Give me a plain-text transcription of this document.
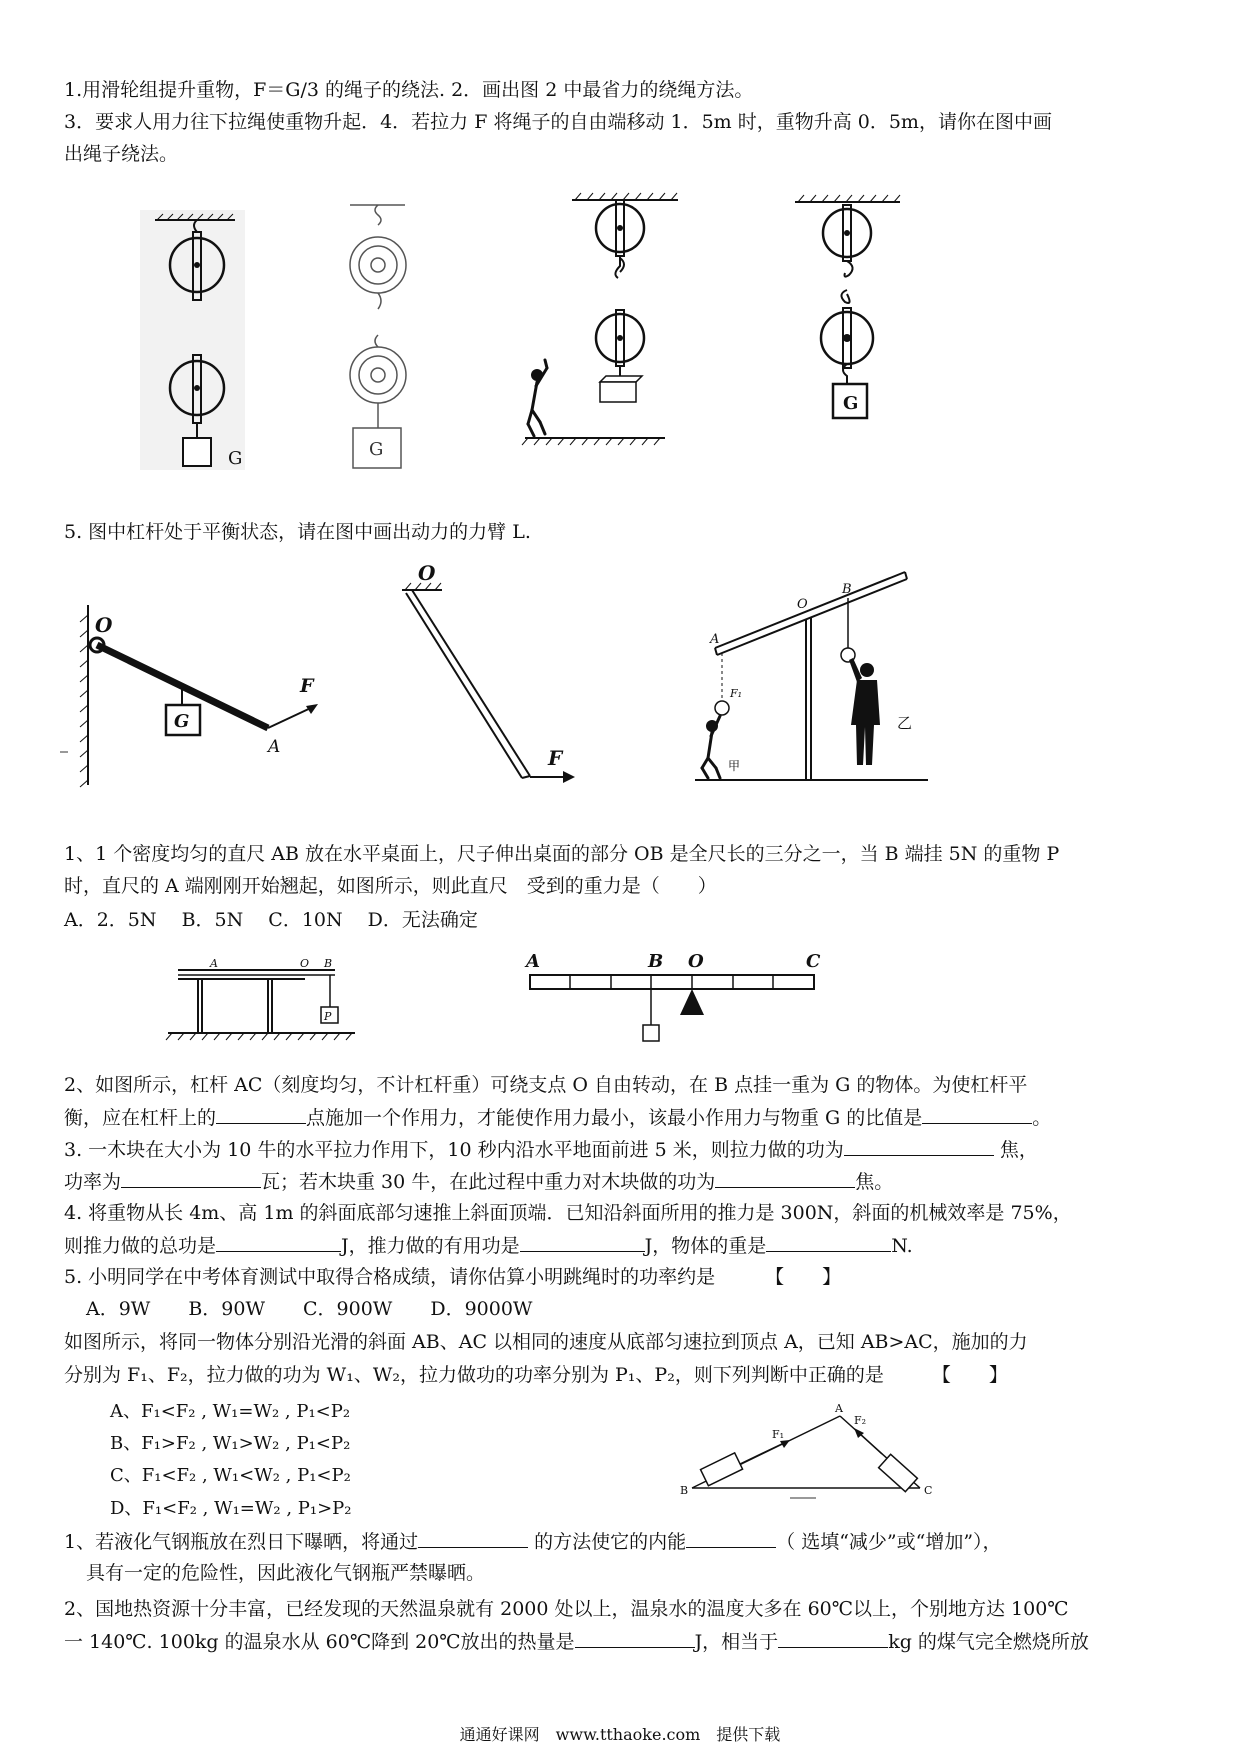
1.用滑轮组提升重物，F＝G/3 的绳子的绕法. 2．画出图 2 中最省力的绕绳方法。
3．要求人用力往下拉绳使重物升起．4．若拉力 F 将绳子的自由端移动 1．5m 时，重物升高 0．5m，请你在图中画
出绳子绕法。
G	G
G
5. 图中杠杆处于平衡状态，请在图中画出动力的力臂 L.
O
G
F
A
O
F
A
O
B
F₁
甲
乙
1、1 个密度均匀的直尺 AB 放在水平桌面上，尺子伸出桌面的部分 OB 是全尺长的三分之一，当 B 端挂 5N 的重物 P
时，直尺的 A 端刚刚开始翘起，如图所示，则此直尺　受到的重力是（　　）
A．2．5N　 B．5N　 C．10N　 D．无法确定
A	O B
P
A	B O	C
2、如图所示，杠杆 AC（刻度均匀，不计杠杆重）可绕支点 O 自由转动，在 B 点挂一重为 G 的物体。为使杠杆平
衡，应在杠杆上的	点施加一个作用力，才能使作用力最小，该最小作用力与物重 G 的比值是	。
3. 一木块在大小为 10 牛的水平拉力作用下，10 秒内沿水平地面前进 5 米，则拉力做的功为	焦，
功率为	瓦；若木块重 30 牛，在此过程中重力对木块做的功为	焦。
4. 将重物从长 4m、高 1m 的斜面底部匀速推上斜面顶端．已知沿斜面所用的推力是 300N，斜面的机械效率是 75%，
则推力做的总功是	J，推力做的有用功是	J，物体的重是	N.
5. 小明同学在中考体育测试中取得合格成绩，请你估算小明跳绳时的功率约是	【　　】
A．9W　　B．90W　　C．900W　　D．9000W
如图所示，将同一物体分别沿光滑的斜面 AB、AC 以相同的速度从底部匀速拉到顶点 A，已知 AB>AC，施加的力
分别为 F₁、F₂，拉力做的功为 W₁、W₂，拉力做功的功率分别为 P₁、P₂，则下列判断中正确的是	【　　】
A、F₁<F₂ , W₁=W₂ , P₁<P₂
B、F₁>F₂ , W₁>W₂ , P₁<P₂
C、F₁<F₂ , W₁<W₂ , P₁<P₂
D、F₁<F₂ , W₁=W₂ , P₁>P₂
A
B	C
F₁
F₂
1、若液化气钢瓶放在烈日下曝晒，将通过	的方法使它的内能	（ 选填“减少”或“增加”），
具有一定的危险性，因此液化气钢瓶严禁曝晒。
2、国地热资源十分丰富，已经发现的天然温泉就有 2000 处以上，温泉水的温度大多在 60℃以上，个别地方达 100℃
一 140℃. 100kg 的温泉水从 60℃降到 20℃放出的热量是	J，相当于	kg 的煤气完全燃烧所放
通通好课网　www.tthaoke.com　提供下载
